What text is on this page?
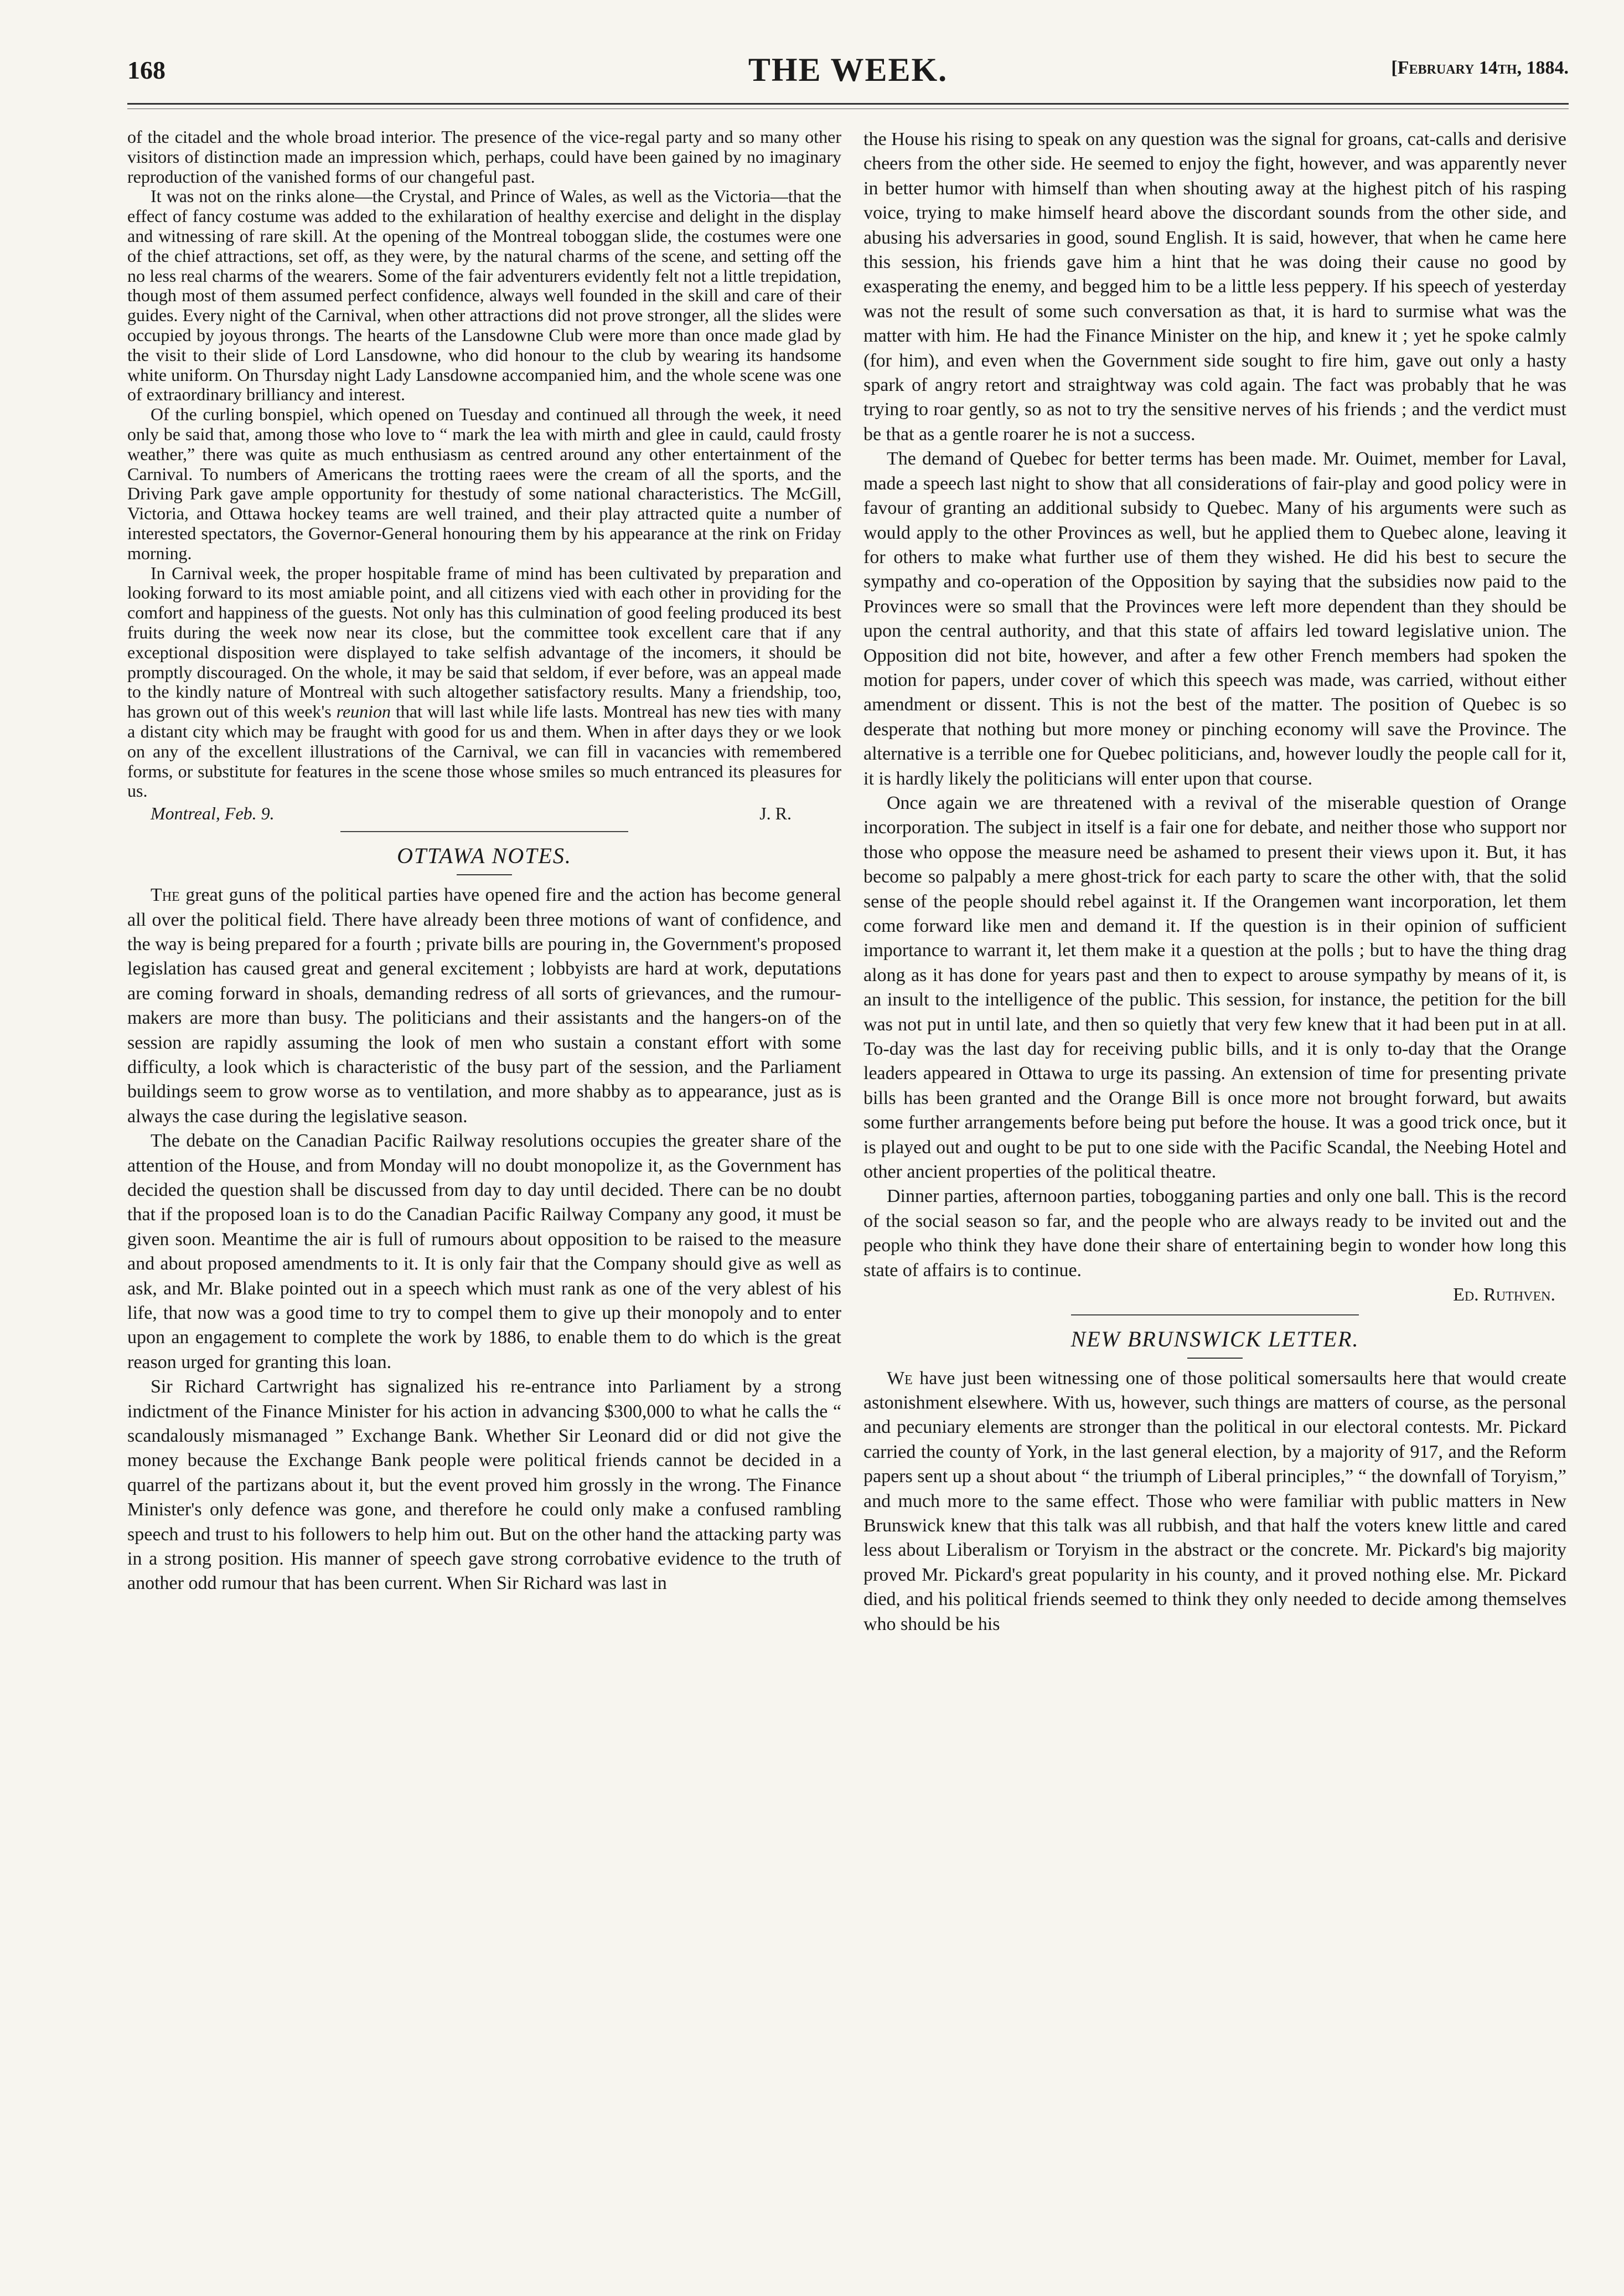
168	THE WEEK.	[February 14th, 1884.

of the citadel and the whole broad interior. The presence of the vice-regal party and so many other visitors of distinction made an impression which, perhaps, could have been gained by no imaginary reproduction of the vanished forms of our changeful past.

It was not on the rinks alone—the Crystal, and Prince of Wales, as well as the Victoria—that the effect of fancy costume was added to the exhilaration of healthy exercise and delight in the display and witnessing of rare skill. At the opening of the Montreal toboggan slide, the costumes were one of the chief attractions, set off, as they were, by the natural charms of the scene, and setting off the no less real charms of the wearers. Some of the fair adventurers evidently felt not a little trepidation, though most of them assumed perfect confidence, always well founded in the skill and care of their guides. Every night of the Carnival, when other attractions did not prove stronger, all the slides were occupied by joyous throngs. The hearts of the Lansdowne Club were more than once made glad by the visit to their slide of Lord Lansdowne, who did honour to the club by wearing its handsome white uniform. On Thursday night Lady Lansdowne accompanied him, and the whole scene was one of extraordinary brilliancy and interest.

Of the curling bonspiel, which opened on Tuesday and continued all through the week, it need only be said that, among those who love to “ mark the lea with mirth and glee in cauld, cauld frosty weather,” there was quite as much enthusiasm as centred around any other entertainment of the Carnival. To numbers of Americans the trotting raees were the cream of all the sports, and the Driving Park gave ample opportunity for thestudy of some national characteristics. The McGill, Victoria, and Ottawa hockey teams are well trained, and their play attracted quite a number of interested spectators, the Governor-General honouring them by his appearance at the rink on Friday morning.

In Carnival week, the proper hospitable frame of mind has been cultivated by preparation and looking forward to its most amiable point, and all citizens vied with each other in providing for the comfort and happiness of the guests. Not only has this culmination of good feeling produced its best fruits during the week now near its close, but the committee took excellent care that if any exceptional disposition were displayed to take selfish advantage of the incomers, it should be promptly discouraged. On the whole, it may be said that seldom, if ever before, was an appeal made to the kindly nature of Montreal with such altogether satisfactory results. Many a friendship, too, has grown out of this week's reunion that will last while life lasts. Montreal has new ties with many a distant city which may be fraught with good for us and them. When in after days they or we look on any of the excellent illustrations of the Carnival, we can fill in vacancies with remembered forms, or substitute for features in the scene those whose smiles so much entranced its pleasures for us.

Montreal, Feb. 9.	J. R.
OTTAWA NOTES.

The great guns of the political parties have opened fire and the action has become general all over the political field. There have already been three motions of want of confidence, and the way is being prepared for a fourth ; private bills are pouring in, the Government's proposed legislation has caused great and general excitement ; lobbyists are hard at work, deputations are coming forward in shoals, demanding redress of all sorts of grievances, and the rumour-makers are more than busy. The politicians and their assistants and the hangers-on of the session are rapidly assuming the look of men who sustain a constant effort with some difficulty, a look which is characteristic of the busy part of the session, and the Parliament buildings seem to grow worse as to ventilation, and more shabby as to appearance, just as is always the case during the legislative season.

The debate on the Canadian Pacific Railway resolutions occupies the greater share of the attention of the House, and from Monday will no doubt monopolize it, as the Government has decided the question shall be discussed from day to day until decided. There can be no doubt that if the proposed loan is to do the Canadian Pacific Railway Company any good, it must be given soon. Meantime the air is full of rumours about opposition to be raised to the measure and about proposed amendments to it. It is only fair that the Company should give as well as ask, and Mr. Blake pointed out in a speech which must rank as one of the very ablest of his life, that now was a good time to try to compel them to give up their monopoly and to enter upon an engagement to complete the work by 1886, to enable them to do which is the great reason urged for granting this loan.

Sir Richard Cartwright has signalized his re-entrance into Parliament by a strong indictment of the Finance Minister for his action in advancing $300,000 to what he calls the “ scandalously mismanaged ” Exchange Bank. Whether Sir Leonard did or did not give the money because the Exchange Bank people were political friends cannot be decided in a quarrel of the partizans about it, but the event proved him grossly in the wrong. The Finance Minister's only defence was gone, and therefore he could only make a confused rambling speech and trust to his followers to help him out. But on the other hand the attacking party was in a strong position. His manner of speech gave strong corrobative evidence to the truth of another odd rumour that has been current. When Sir Richard was last in

the House his rising to speak on any question was the signal for groans, cat-calls and derisive cheers from the other side. He seemed to enjoy the fight, however, and was apparently never in better humor with himself than when shouting away at the highest pitch of his rasping voice, trying to make himself heard above the discordant sounds from the other side, and abusing his adversaries in good, sound English. It is said, however, that when he came here this session, his friends gave him a hint that he was doing their cause no good by exasperating the enemy, and begged him to be a little less peppery. If his speech of yesterday was not the result of some such conversation as that, it is hard to surmise what was the matter with him. He had the Finance Minister on the hip, and knew it ; yet he spoke calmly (for him), and even when the Government side sought to fire him, gave out only a hasty spark of angry retort and straightway was cold again. The fact was probably that he was trying to roar gently, so as not to try the sensitive nerves of his friends ; and the verdict must be that as a gentle roarer he is not a success.

The demand of Quebec for better terms has been made. Mr. Ouimet, member for Laval, made a speech last night to show that all considerations of fair-play and good policy were in favour of granting an additional subsidy to Quebec. Many of his arguments were such as would apply to the other Provinces as well, but he applied them to Quebec alone, leaving it for others to make what further use of them they wished. He did his best to secure the sympathy and co-operation of the Opposition by saying that the subsidies now paid to the Provinces were so small that the Provinces were left more dependent than they should be upon the central authority, and that this state of affairs led toward legislative union. The Opposition did not bite, however, and after a few other French members had spoken the motion for papers, under cover of which this speech was made, was carried, without either amendment or dissent. This is not the best of the matter. The position of Quebec is so desperate that nothing but more money or pinching economy will save the Province. The alternative is a terrible one for Quebec politicians, and, however loudly the people call for it, it is hardly likely the politicians will enter upon that course.

Once again we are threatened with a revival of the miserable question of Orange incorporation. The subject in itself is a fair one for debate, and neither those who support nor those who oppose the measure need be ashamed to present their views upon it. But, it has become so palpably a mere ghost-trick for each party to scare the other with, that the solid sense of the people should rebel against it. If the Orangemen want incorporation, let them come forward like men and demand it. If the question is in their opinion of sufficient importance to warrant it, let them make it a question at the polls ; but to have the thing drag along as it has done for years past and then to expect to arouse sympathy by means of it, is an insult to the intelligence of the public. This session, for instance, the petition for the bill was not put in until late, and then so quietly that very few knew that it had been put in at all. To-day was the last day for receiving public bills, and it is only to-day that the Orange leaders appeared in Ottawa to urge its passing. An extension of time for presenting private bills has been granted and the Orange Bill is once more not brought forward, but awaits some further arrangements before being put before the house. It was a good trick once, but it is played out and ought to be put to one side with the Pacific Scandal, the Neebing Hotel and other ancient properties of the political theatre.

Dinner parties, afternoon parties, tobogganing parties and only one ball. This is the record of the social season so far, and the people who are always ready to be invited out and the people who think they have done their share of entertaining begin to wonder how long this state of affairs is to continue.

Ed. Ruthven.
NEW BRUNSWICK LETTER.

We have just been witnessing one of those political somersaults here that would create astonishment elsewhere. With us, however, such things are matters of course, as the personal and pecuniary elements are stronger than the political in our electoral contests. Mr. Pickard carried the county of York, in the last general election, by a majority of 917, and the Reform papers sent up a shout about “ the triumph of Liberal principles,” “ the downfall of Toryism,” and much more to the same effect. Those who were familiar with public matters in New Brunswick knew that this talk was all rubbish, and that half the voters knew little and cared less about Liberalism or Toryism in the abstract or the concrete. Mr. Pickard's big majority proved Mr. Pickard's great popularity in his county, and it proved nothing else. Mr. Pickard died, and his political friends seemed to think they only needed to decide among themselves who should be his
